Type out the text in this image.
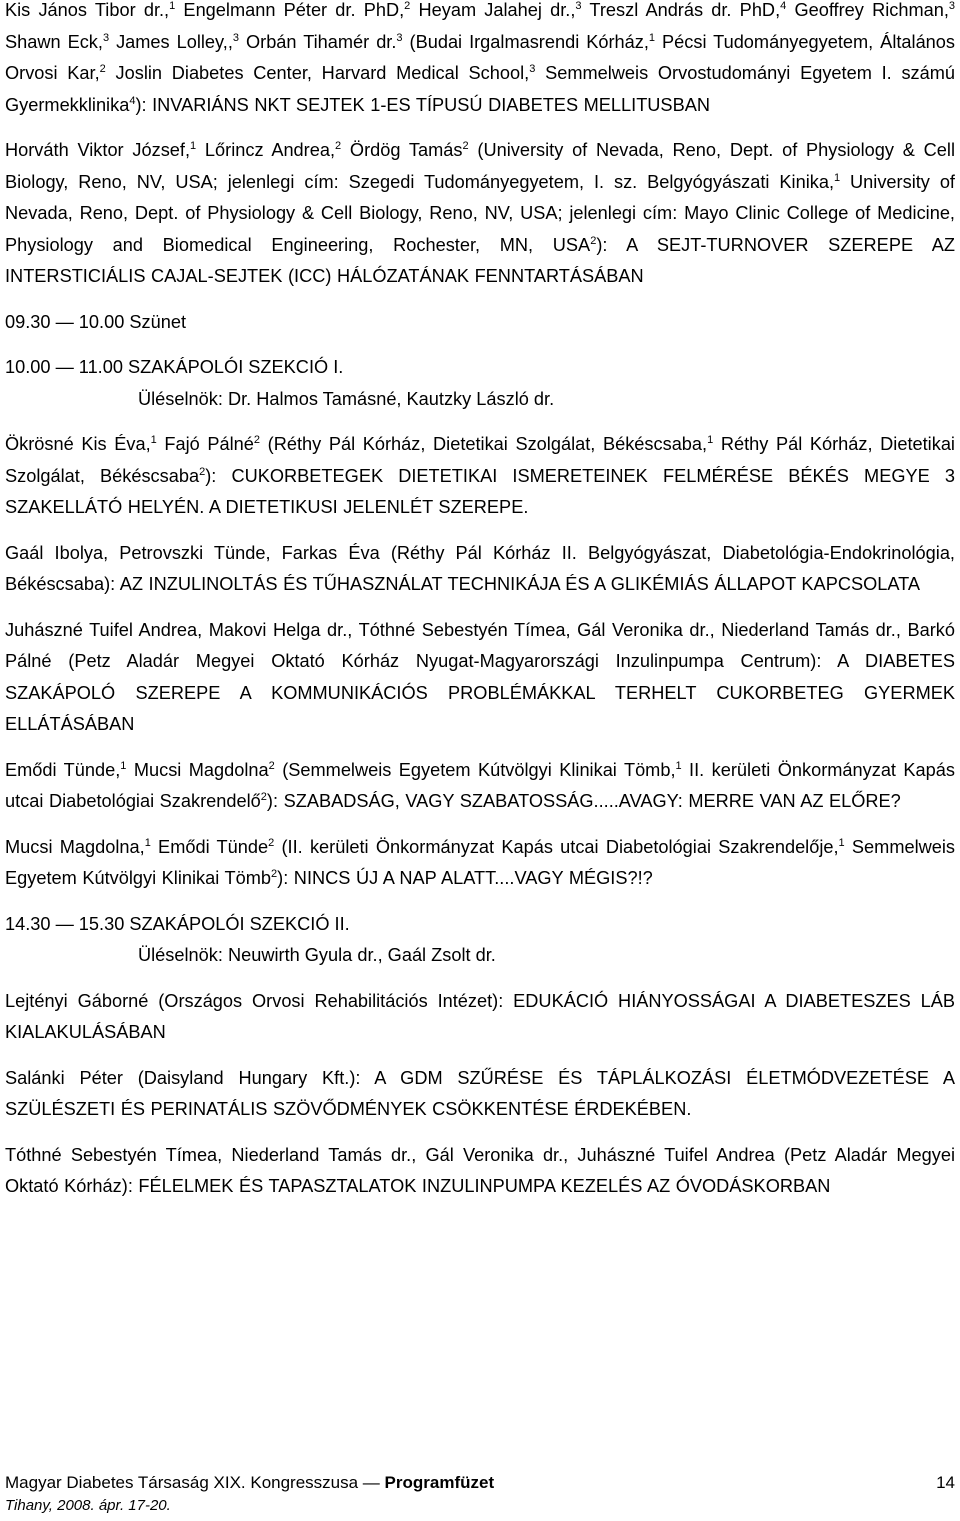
Kis János Tibor dr.,$^1$ Engelmann Péter dr. PhD,$^2$ Heyam Jalahej dr.,$^3$ Treszl András dr. PhD,$^4$ Geoffrey Richman,$^3$ Shawn Eck,$^3$ James Lolley,,$^3$ Orbán Tihamér dr.$^3$ (Budai Irgalmasrendi Kórház,$^1$ Pécsi Tudományegyetem, Általános Orvosi Kar,$^2$ Joslin Diabetes Center, Harvard Medical School,$^3$ Semmelweis Orvostudományi Egyetem I. számú Gyermekklinika$^4$): INVARIÁNS NKT SEJTEK 1-ES TÍPUSÚ DIABETES MELLITUSBAN

Horváth Viktor József,$^1$ Lőrincz Andrea,$^2$ Ördög Tamás$^2$ (University of Nevada, Reno, Dept. of Physiology & Cell Biology, Reno, NV, USA; jelenlegi cím: Szegedi Tudományegyetem, I. sz. Belgyógyászati Kinika,$^1$ University of Nevada, Reno, Dept. of Physiology & Cell Biology, Reno, NV, USA; jelenlegi cím: Mayo Clinic College of Medicine, Physiology and Biomedical Engineering, Rochester, MN, USA$^2$): A SEJT-TURNOVER SZEREPE AZ INTERSTICIÁLIS CAJAL-SEJTEK (ICC) HÁLÓZATÁNAK FENNTARTÁSÁBAN

09.30 — 10.00 Szünet

10.00 — 11.00 SZAKÁPOLÓI SZEKCIÓ I.

Üléselnök: Dr. Halmos Tamásné, Kautzky László dr.

Ökrösné Kis Éva,$^1$ Fajó Pálné$^2$ (Réthy Pál Kórház, Dietetikai Szolgálat, Békéscsaba,$^1$ Réthy Pál Kórház, Dietetikai Szolgálat, Békéscsaba$^2$): CUKORBETEGEK DIETETIKAI ISMERETEINEK FELMÉRÉSE BÉKÉS MEGYE 3 SZAKELLÁTÓ HELYÉN. A DIETETIKUSI JELENLÉT SZEREPE.

Gaál Ibolya, Petrovszki Tünde, Farkas Éva (Réthy Pál Kórház II. Belgyógyászat, Diabetológia-Endokrinológia, Békéscsaba): AZ INZULINOLTÁS ÉS TŰHASZNÁLAT TECHNIKÁJA ÉS A GLIKÉMIÁS ÁLLAPOT KAPCSOLATA

Juhászné Tuifel Andrea, Makovi Helga dr., Tóthné Sebestyén Tímea, Gál Veronika dr., Niederland Tamás dr., Barkó Pálné (Petz Aladár Megyei Oktató Kórház Nyugat-Magyarországi Inzulinpumpa Centrum): A DIABETES SZAKÁPOLÓ SZEREPE A KOMMUNIKÁCIÓS PROBLÉMÁKKAL TERHELT CUKORBETEG GYERMEK ELLÁTÁSÁBAN

Emődi Tünde,$^1$ Mucsi Magdolna$^2$ (Semmelweis Egyetem Kútvölgyi Klinikai Tömb,$^1$ II. kerületi Önkormányzat Kapás utcai Diabetológiai Szakrendelő$^2$): SZABADSÁG, VAGY SZABATOSSÁG.....AVAGY: MERRE VAN AZ ELŐRE?

Mucsi Magdolna,$^1$ Emődi Tünde$^2$ (II. kerületi Önkormányzat Kapás utcai Diabetológiai Szakrendelője,$^1$ Semmelweis Egyetem Kútvölgyi Klinikai Tömb$^2$): NINCS ÚJ A NAP ALATT....VAGY MÉGIS?!?

14.30 — 15.30 SZAKÁPOLÓI SZEKCIÓ II.

Üléselnök: Neuwirth Gyula dr., Gaál Zsolt dr.

Lejtényi Gáborné (Országos Orvosi Rehabilitációs Intézet): EDUKÁCIÓ HIÁNYOSSÁGAI A DIABETESZES LÁB KIALAKULÁSÁBAN

Salánki Péter (Daisyland Hungary Kft.): A GDM SZŰRÉSE ÉS TÁPLÁLKOZÁSI ÉLETMÓDVEZETÉSE A SZÜLÉSZETI ÉS PERINATÁLIS SZÖVŐDMÉNYEK CSÖKKENTÉSE ÉRDEKÉBEN.

Tóthné Sebestyén Tímea, Niederland Tamás dr., Gál Veronika dr., Juhászné Tuifel Andrea (Petz Aladár Megyei Oktató Kórház): FÉLELMEK ÉS TAPASZTALATOK INZULINPUMPA KEZELÉS AZ ÓVODÁSKORBAN

Magyar Diabetes Társaság XIX. Kongresszusa — Programfüzet	14
Tihany, 2008. ápr. 17-20.
